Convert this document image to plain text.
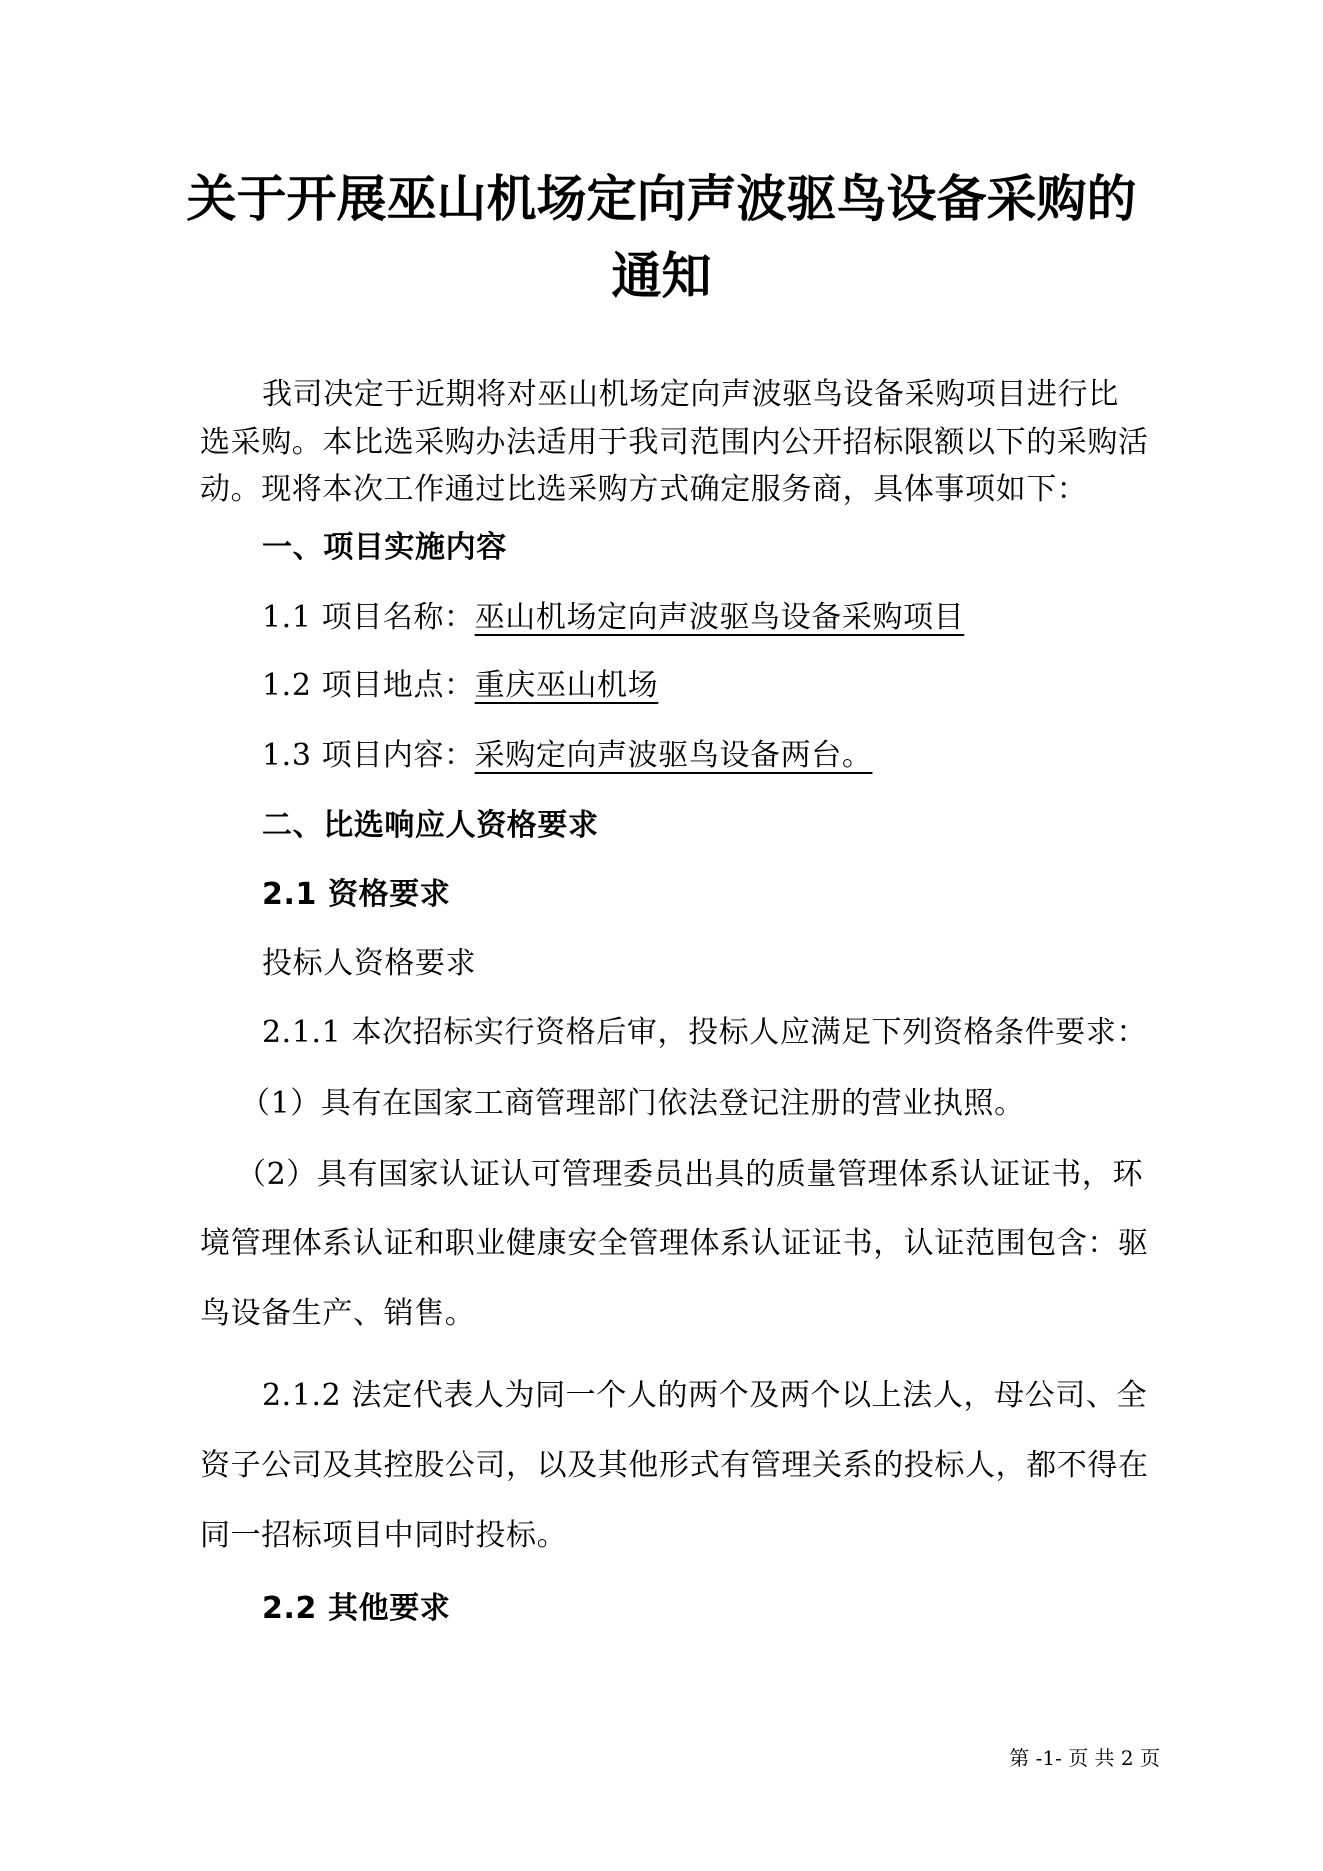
关于开展巫山机场定向声波驱鸟设备采购的
通知
我司决定于近期将对巫山机场定向声波驱鸟设备采购项目进行比
选采购。本比选采购办法适用于我司范围内公开招标限额以下的采购活
动。现将本次工作通过比选采购方式确定服务商，具体事项如下：
一、项目实施内容
1.1 项目名称：巫山机场定向声波驱鸟设备采购项目
1.2 项目地点：重庆巫山机场
1.3 项目内容：采购定向声波驱鸟设备两台。
二、比选响应人资格要求
2.1 资格要求
投标人资格要求
2.1.1 本次招标实行资格后审，投标人应满足下列资格条件要求：
（1）具有在国家工商管理部门依法登记注册的营业执照。
（2）具有国家认证认可管理委员出具的质量管理体系认证证书，环
境管理体系认证和职业健康安全管理体系认证证书，认证范围包含：驱
鸟设备生产、销售。
2.1.2 法定代表人为同一个人的两个及两个以上法人，母公司、全
资子公司及其控股公司，以及其他形式有管理关系的投标人，都不得在
同一招标项目中同时投标。
2.2 其他要求
第 -1- 页 共 2 页
